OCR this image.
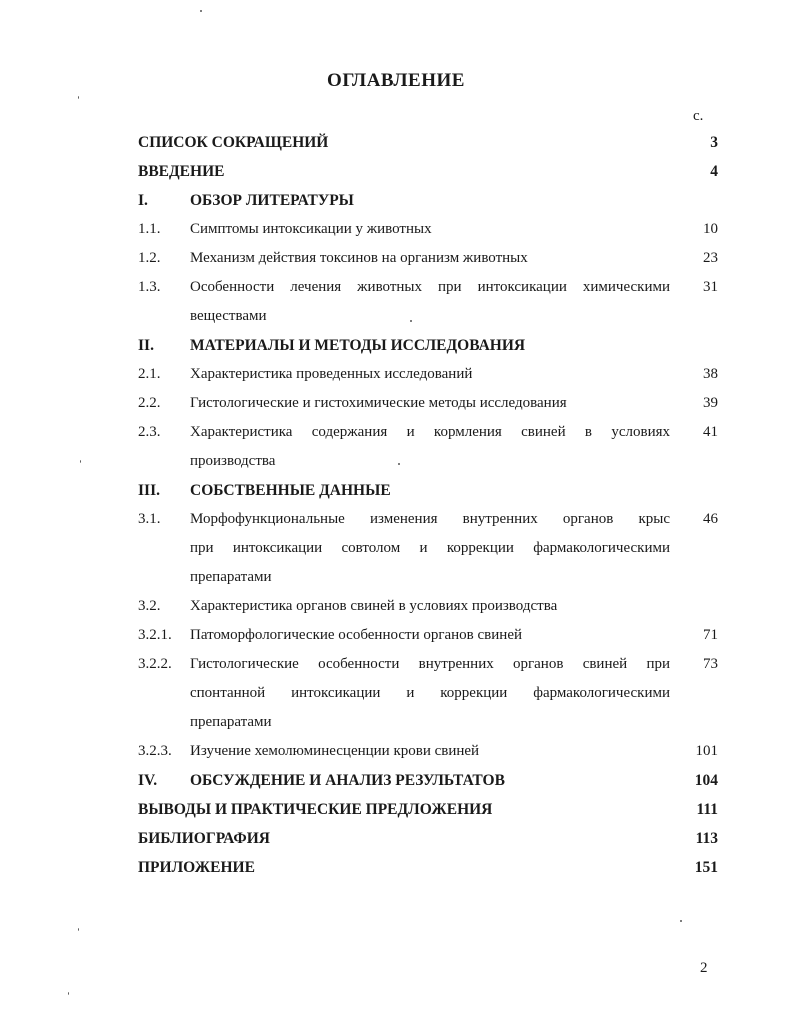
ОГЛАВЛЕНИЕ
с.
СПИСОК СОКРАЩЕНИЙ	3
ВВЕДЕНИЕ	4
I.	ОБЗОР ЛИТЕРАТУРЫ
1.1. Симптомы интоксикации у животных	10
1.2. Механизм действия токсинов на организм животных	23
1.3. Особенности лечения животных при интоксикации химическими	31
веществами
II. МАТЕРИАЛЫ И МЕТОДЫ ИССЛЕДОВАНИЯ
2.1. Характеристика проведенных исследований	38
2.2. Гистологические и гистохимические методы исследования	39
2.3. Характеристика содержания и кормления свиней в условиях	41
производства
III. СОБСТВЕННЫЕ ДАННЫЕ
3.1. Морфофункциональные изменения внутренних органов крыс	46
при интоксикации совтолом и коррекции фармакологическими
препаратами
3.2. Характеристика органов свиней в условиях производства
3.2.1. Патоморфологические особенности органов свиней	71
3.2.2. Гистологические особенности внутренних органов свиней при	73
спонтанной интоксикации и коррекции фармакологическими
препаратами
3.2.3. Изучение хемолюминесценции крови свиней	101
IV. ОБСУЖДЕНИЕ И АНАЛИЗ РЕЗУЛЬТАТОВ	104
ВЫВОДЫ И ПРАКТИЧЕСКИЕ ПРЕДЛОЖЕНИЯ	111
БИБЛИОГРАФИЯ	113
ПРИЛОЖЕНИЕ	151
2
